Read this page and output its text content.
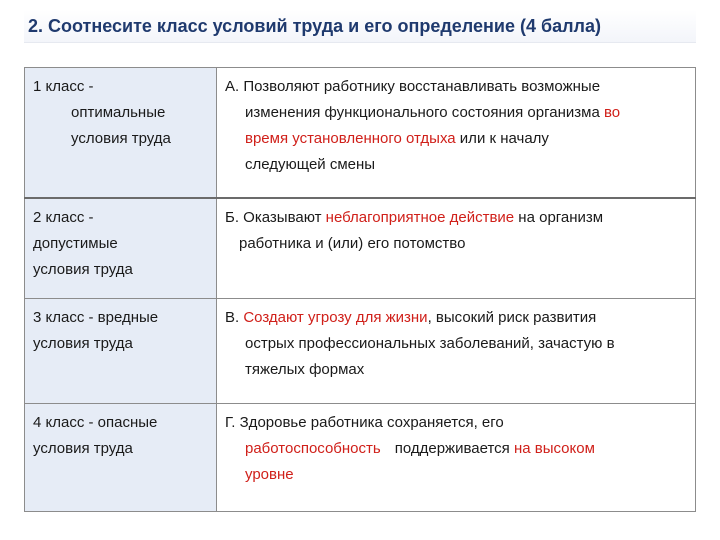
2. Соотнесите класс условий труда и его определение (4 балла)
1 класс -
оптимальные
условия труда	А. Позволяют работнику восстанавливать возможные
изменения функционального состояния организма во
время установленного отдыха или к началу
следующей смены

2 класс -
допустимые
условия труда	Б. Оказывают неблагоприятное действие на организм
работника и (или) его потомство

3 класс - вредные
условия труда	В. Создают угрозу для жизни, высокий риск развития
острых профессиональных заболеваний, зачастую в
тяжелых формах

4 класс - опасные
условия труда	Г. Здоровье работника сохраняется, его
работоспособность поддерживается на высоком
уровне
